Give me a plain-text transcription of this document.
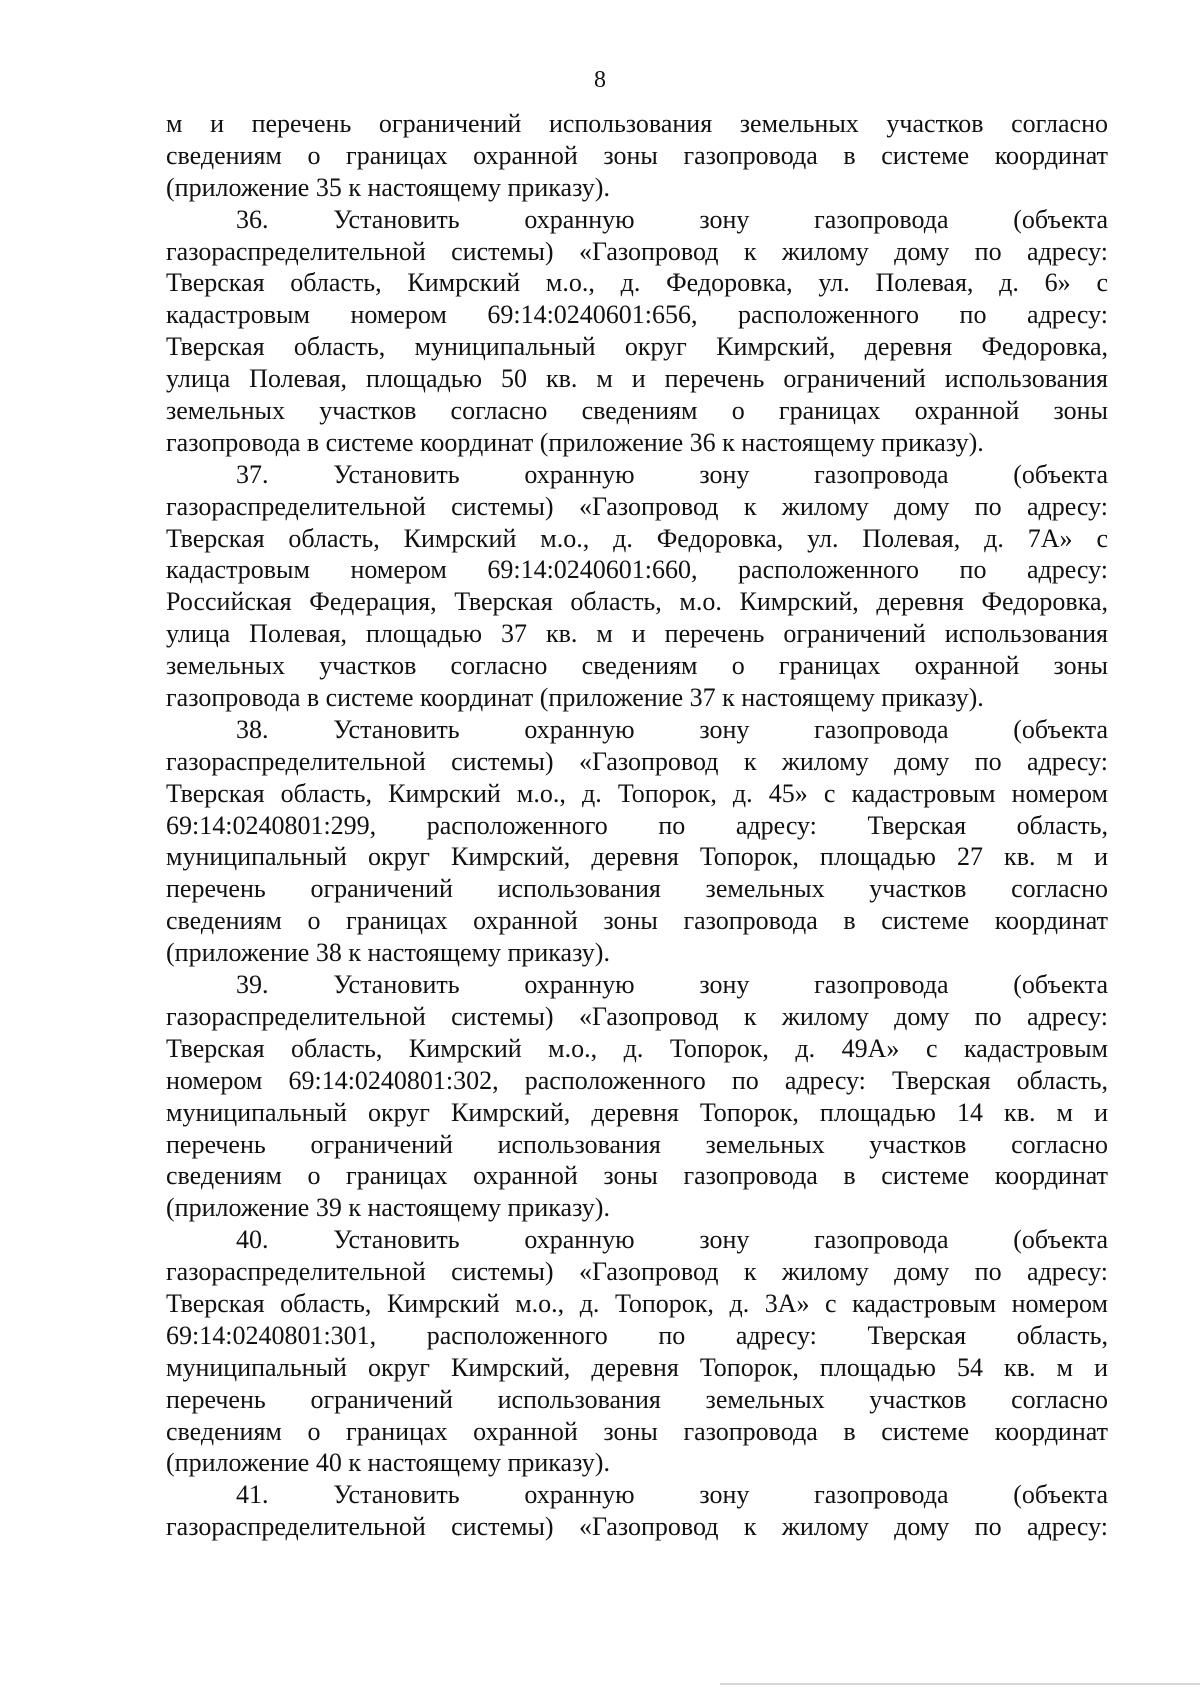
8
м и перечень ограничений использования земельных участков согласно
сведениям о границах охранной зоны газопровода в системе координат
(приложение 35 к настоящему приказу).
36. Установить охранную зону газопровода (объекта
газораспределительной системы) «Газопровод к жилому дому по адресу:
Тверская область, Кимрский м.о., д. Федоровка, ул. Полевая, д. 6» с
кадастровым номером 69:14:0240601:656, расположенного по адресу:
Тверская область, муниципальный округ Кимрский, деревня Федоровка,
улица Полевая, площадью 50 кв. м и перечень ограничений использования
земельных участков согласно сведениям о границах охранной зоны
газопровода в системе координат (приложение 36 к настоящему приказу).
37. Установить охранную зону газопровода (объекта
газораспределительной системы) «Газопровод к жилому дому по адресу:
Тверская область, Кимрский м.о., д. Федоровка, ул. Полевая, д. 7А» с
кадастровым номером 69:14:0240601:660, расположенного по адресу:
Российская Федерация, Тверская область, м.о. Кимрский, деревня Федоровка,
улица Полевая, площадью 37 кв. м и перечень ограничений использования
земельных участков согласно сведениям о границах охранной зоны
газопровода в системе координат (приложение 37 к настоящему приказу).
38. Установить охранную зону газопровода (объекта
газораспределительной системы) «Газопровод к жилому дому по адресу:
Тверская область, Кимрский м.о., д. Топорок, д. 45» с кадастровым номером
69:14:0240801:299, расположенного по адресу: Тверская область,
муниципальный округ Кимрский, деревня Топорок, площадью 27 кв. м и
перечень ограничений использования земельных участков согласно
сведениям о границах охранной зоны газопровода в системе координат
(приложение 38 к настоящему приказу).
39. Установить охранную зону газопровода (объекта
газораспределительной системы) «Газопровод к жилому дому по адресу:
Тверская область, Кимрский м.о., д. Топорок, д. 49А» с кадастровым
номером 69:14:0240801:302, расположенного по адресу: Тверская область,
муниципальный округ Кимрский, деревня Топорок, площадью 14 кв. м и
перечень ограничений использования земельных участков согласно
сведениям о границах охранной зоны газопровода в системе координат
(приложение 39 к настоящему приказу).
40. Установить охранную зону газопровода (объекта
газораспределительной системы) «Газопровод к жилому дому по адресу:
Тверская область, Кимрский м.о., д. Топорок, д. 3А» с кадастровым номером
69:14:0240801:301, расположенного по адресу: Тверская область,
муниципальный округ Кимрский, деревня Топорок, площадью 54 кв. м и
перечень ограничений использования земельных участков согласно
сведениям о границах охранной зоны газопровода в системе координат
(приложение 40 к настоящему приказу).
41. Установить охранную зону газопровода (объекта
газораспределительной системы) «Газопровод к жилому дому по адресу:
